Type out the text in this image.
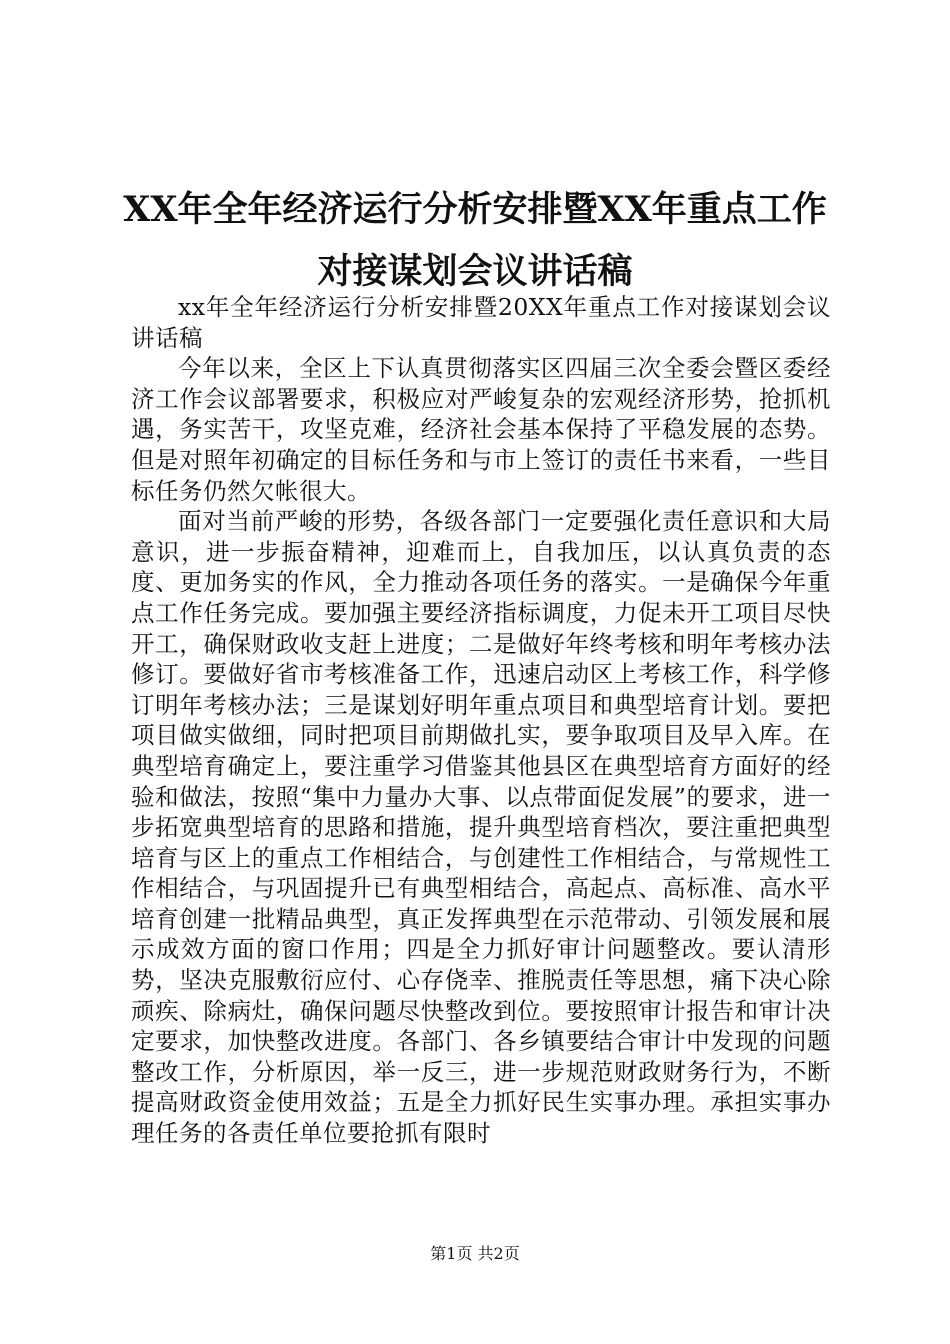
XX年全年经济运行分析安排暨XX年重点工作
对接谋划会议讲话稿

xx年全年经济运行分析安排暨20XX年重点工作对接谋划会议讲话稿

今年以来，全区上下认真贯彻落实区四届三次全委会暨区委经济工作会议部署要求，积极应对严峻复杂的宏观经济形势，抢抓机遇，务实苦干，攻坚克难，经济社会基本保持了平稳发展的态势。但是对照年初确定的目标任务和与市上签订的责任书来看，一些目标任务仍然欠帐很大。

面对当前严峻的形势，各级各部门一定要强化责任意识和大局意识，进一步振奋精神，迎难而上，自我加压，以认真负责的态度、更加务实的作风，全力推动各项任务的落实。一是确保今年重点工作任务完成。要加强主要经济指标调度，力促未开工项目尽快开工，确保财政收支赶上进度；二是做好年终考核和明年考核办法修订。要做好省市考核准备工作，迅速启动区上考核工作，科学修订明年考核办法；三是谋划好明年重点项目和典型培育计划。要把项目做实做细，同时把项目前期做扎实，要争取项目及早入库。在典型培育确定上，要注重学习借鉴其他县区在典型培育方面好的经验和做法，按照“集中力量办大事、以点带面促发展”的要求，进一步拓宽典型培育的思路和措施，提升典型培育档次，要注重把典型培育与区上的重点工作相结合，与创建性工作相结合，与常规性工作相结合，与巩固提升已有典型相结合，高起点、高标准、高水平培育创建一批精品典型，真正发挥典型在示范带动、引领发展和展示成效方面的窗口作用；四是全力抓好审计问题整改。要认清形势，坚决克服敷衍应付、心存侥幸、推脱责任等思想，痛下决心除顽疾、除病灶，确保问题尽快整改到位。要按照审计报告和审计决定要求，加快整改进度。各部门、各乡镇要结合审计中发现的问题整改工作，分析原因，举一反三，进一步规范财政财务行为，不断提高财政资金使用效益；五是全力抓好民生实事办理。承担实事办理任务的各责任单位要抢抓有限时

第1页 共2页
